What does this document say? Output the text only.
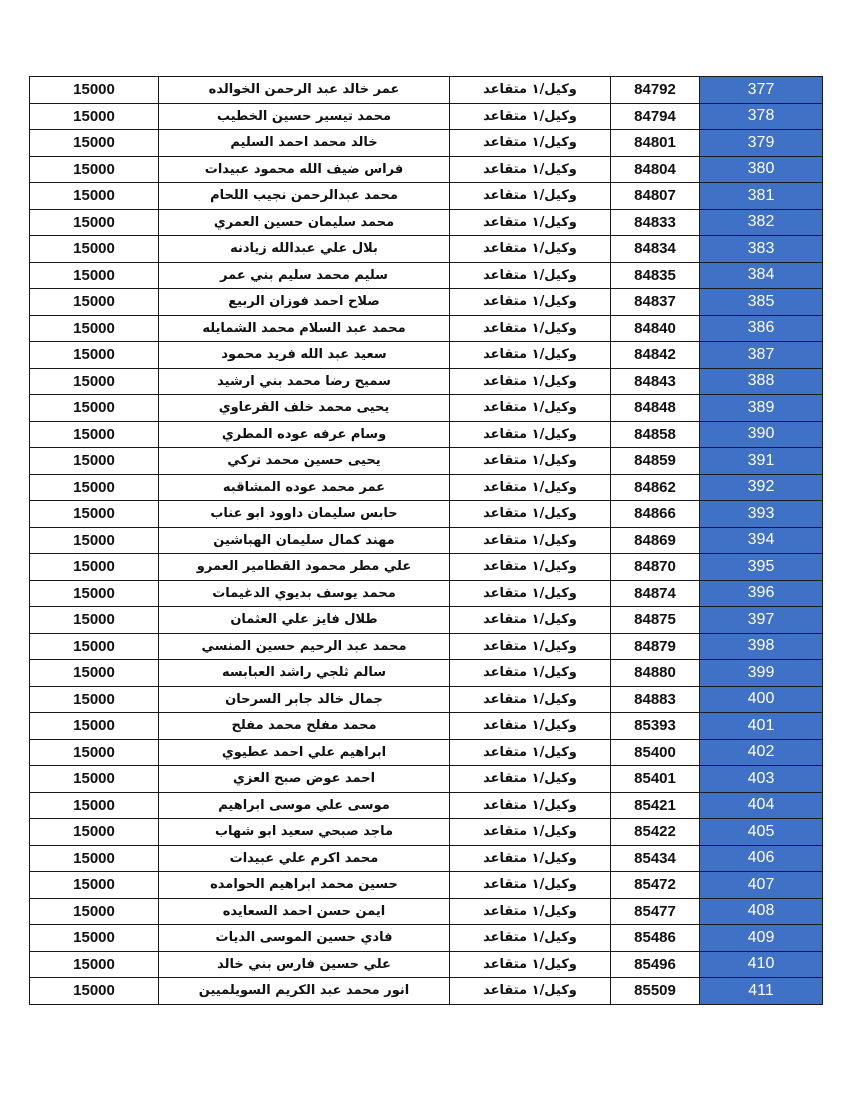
15000	عمر خالد عبد الرحمن الخوالده	وكيل/١ متقاعد	84792	377
15000	محمد تيسير حسين الخطيب	وكيل/١ متقاعد	84794	378
15000	خالد محمد احمد السليم	وكيل/١ متقاعد	84801	379
15000	فراس ضيف الله محمود عبيدات	وكيل/١ متقاعد	84804	380
15000	محمد عبدالرحمن نجيب اللحام	وكيل/١ متقاعد	84807	381
15000	محمد سليمان حسين العمري	وكيل/١ متقاعد	84833	382
15000	بلال علي عبدالله زيادنه	وكيل/١ متقاعد	84834	383
15000	سليم محمد سليم بني عمر	وكيل/١ متقاعد	84835	384
15000	صلاح احمد فوزان الربيع	وكيل/١ متقاعد	84837	385
15000	محمد عبد السلام محمد الشمايله	وكيل/١ متقاعد	84840	386
15000	سعيد عبد الله فريد محمود	وكيل/١ متقاعد	84842	387
15000	سميح رضا محمد بني ارشيد	وكيل/١ متقاعد	84843	388
15000	يحيى محمد خلف القرعاوي	وكيل/١ متقاعد	84848	389
15000	وسام عرفه عوده المطري	وكيل/١ متقاعد	84858	390
15000	يحيى حسين محمد تركي	وكيل/١ متقاعد	84859	391
15000	عمر محمد عوده المشاقبه	وكيل/١ متقاعد	84862	392
15000	حابس سليمان داوود ابو عناب	وكيل/١ متقاعد	84866	393
15000	مهند كمال سليمان الهباشين	وكيل/١ متقاعد	84869	394
15000	علي مطر محمود القطامير العمرو	وكيل/١ متقاعد	84870	395
15000	محمد يوسف بديوي الدغيمات	وكيل/١ متقاعد	84874	396
15000	طلال فايز علي العثمان	وكيل/١ متقاعد	84875	397
15000	محمد عبد الرحيم حسين المنسي	وكيل/١ متقاعد	84879	398
15000	سالم ثلجي راشد العبابسه	وكيل/١ متقاعد	84880	399
15000	جمال خالد جابر السرحان	وكيل/١ متقاعد	84883	400
15000	محمد مفلح محمد مفلح	وكيل/١ متقاعد	85393	401
15000	ابراهيم علي احمد عطيوي	وكيل/١ متقاعد	85400	402
15000	احمد عوض صبح العزي	وكيل/١ متقاعد	85401	403
15000	موسى علي موسى ابراهيم	وكيل/١ متقاعد	85421	404
15000	ماجد صبحي سعيد ابو شهاب	وكيل/١ متقاعد	85422	405
15000	محمد اكرم علي عبيدات	وكيل/١ متقاعد	85434	406
15000	حسين محمد ابراهيم الحوامده	وكيل/١ متقاعد	85472	407
15000	ايمن حسن احمد السعايده	وكيل/١ متقاعد	85477	408
15000	فادي حسين الموسى الديات	وكيل/١ متقاعد	85486	409
15000	علي حسين فارس بني خالد	وكيل/١ متقاعد	85496	410
15000	انور محمد عبد الكريم السويلميين	وكيل/١ متقاعد	85509	411
